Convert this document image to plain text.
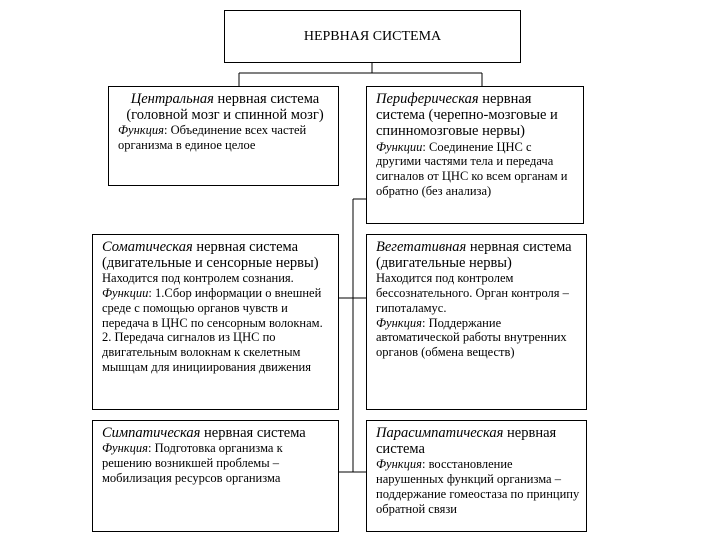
НЕРВНАЯ СИСТЕМА
Центральная нервная система
(головной мозг и спинной мозг)
Функция: Объединение всех частей организма в единое целое
Периферическая нервная система (черепно-мозговые и спинномозговые нервы)
Функции: Соединение ЦНС с другими частями тела и передача сигналов от ЦНС ко всем органам и обратно (без анализа)
Соматическая нервная система (двигательные и сенсорные нервы)
Находится под контролем сознания.
Функции: 1.Сбор информации о внешней среде с помощью органов чувств и передача в ЦНС по сенсорным волокнам. 2. Передача сигналов из ЦНС по двигательным волокнам к скелетным мышцам для инициирования движения
Вегетативная нервная система (двигательные нервы)
Находится под контролем бессознательного. Орган контроля – гипоталамус.
Функция: Поддержание автоматической работы внутренних органов (обмена веществ)
Симпатическая нервная система
Функция: Подготовка организма к решению возникшей проблемы – мобилизация ресурсов организма
Парасимпатическая нервная система
Функция: восстановление нарушенных функций организма – поддержание гомеостаза по принципу обратной связи
